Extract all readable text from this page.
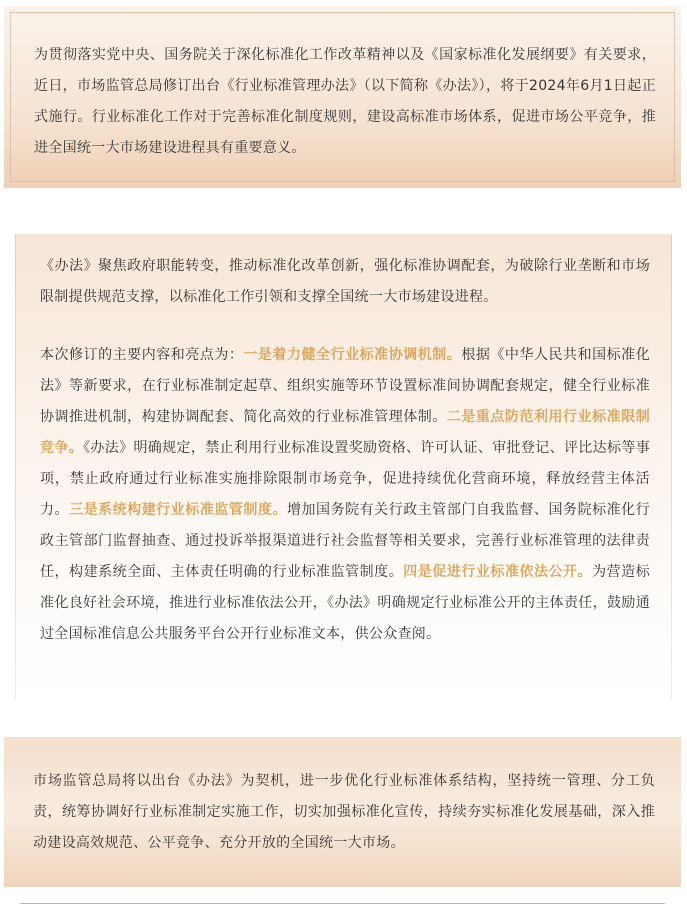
为贯彻落实党中央、国务院关于深化标准化工作改革精神以及《国家标准化发展纲要》有关要求，近日，市场监管总局修订出台《行业标准管理办法》（以下简称《办法》），将于2024年6月1日起正式施行。行业标准化工作对于完善标准化制度规则，建设高标准市场体系，促进市场公平竞争，推进全国统一大市场建设进程具有重要意义。

《办法》聚焦政府职能转变，推动标准化改革创新，强化标准协调配套，为破除行业垄断和市场限制提供规范支撑，以标准化工作引领和支撑全国统一大市场建设进程。

本次修订的主要内容和亮点为：一是着力健全行业标准协调机制。根据《中华人民共和国标准化法》等新要求，在行业标准制定起草、组织实施等环节设置标准间协调配套规定，健全行业标准协调推进机制，构建协调配套、简化高效的行业标准管理体制。二是重点防范利用行业标准限制竞争。《办法》明确规定，禁止利用行业标准设置奖励资格、许可认证、审批登记、评比达标等事项，禁止政府通过行业标准实施排除限制市场竞争，促进持续优化营商环境，释放经营主体活力。三是系统构建行业标准监管制度。增加国务院有关行政主管部门自我监督、国务院标准化行政主管部门监督抽查、通过投诉举报渠道进行社会监督等相关要求，完善行业标准管理的法律责任，构建系统全面、主体责任明确的行业标准监管制度。四是促进行业标准依法公开。为营造标准化良好社会环境，推进行业标准依法公开，《办法》明确规定行业标准公开的主体责任，鼓励通过全国标准信息公共服务平台公开行业标准文本，供公众查阅。

市场监管总局将以出台《办法》为契机，进一步优化行业标准体系结构，坚持统一管理、分工负责，统筹协调好行业标准制定实施工作，切实加强标准化宣传，持续夯实标准化发展基础，深入推动建设高效规范、公平竞争、充分开放的全国统一大市场。
